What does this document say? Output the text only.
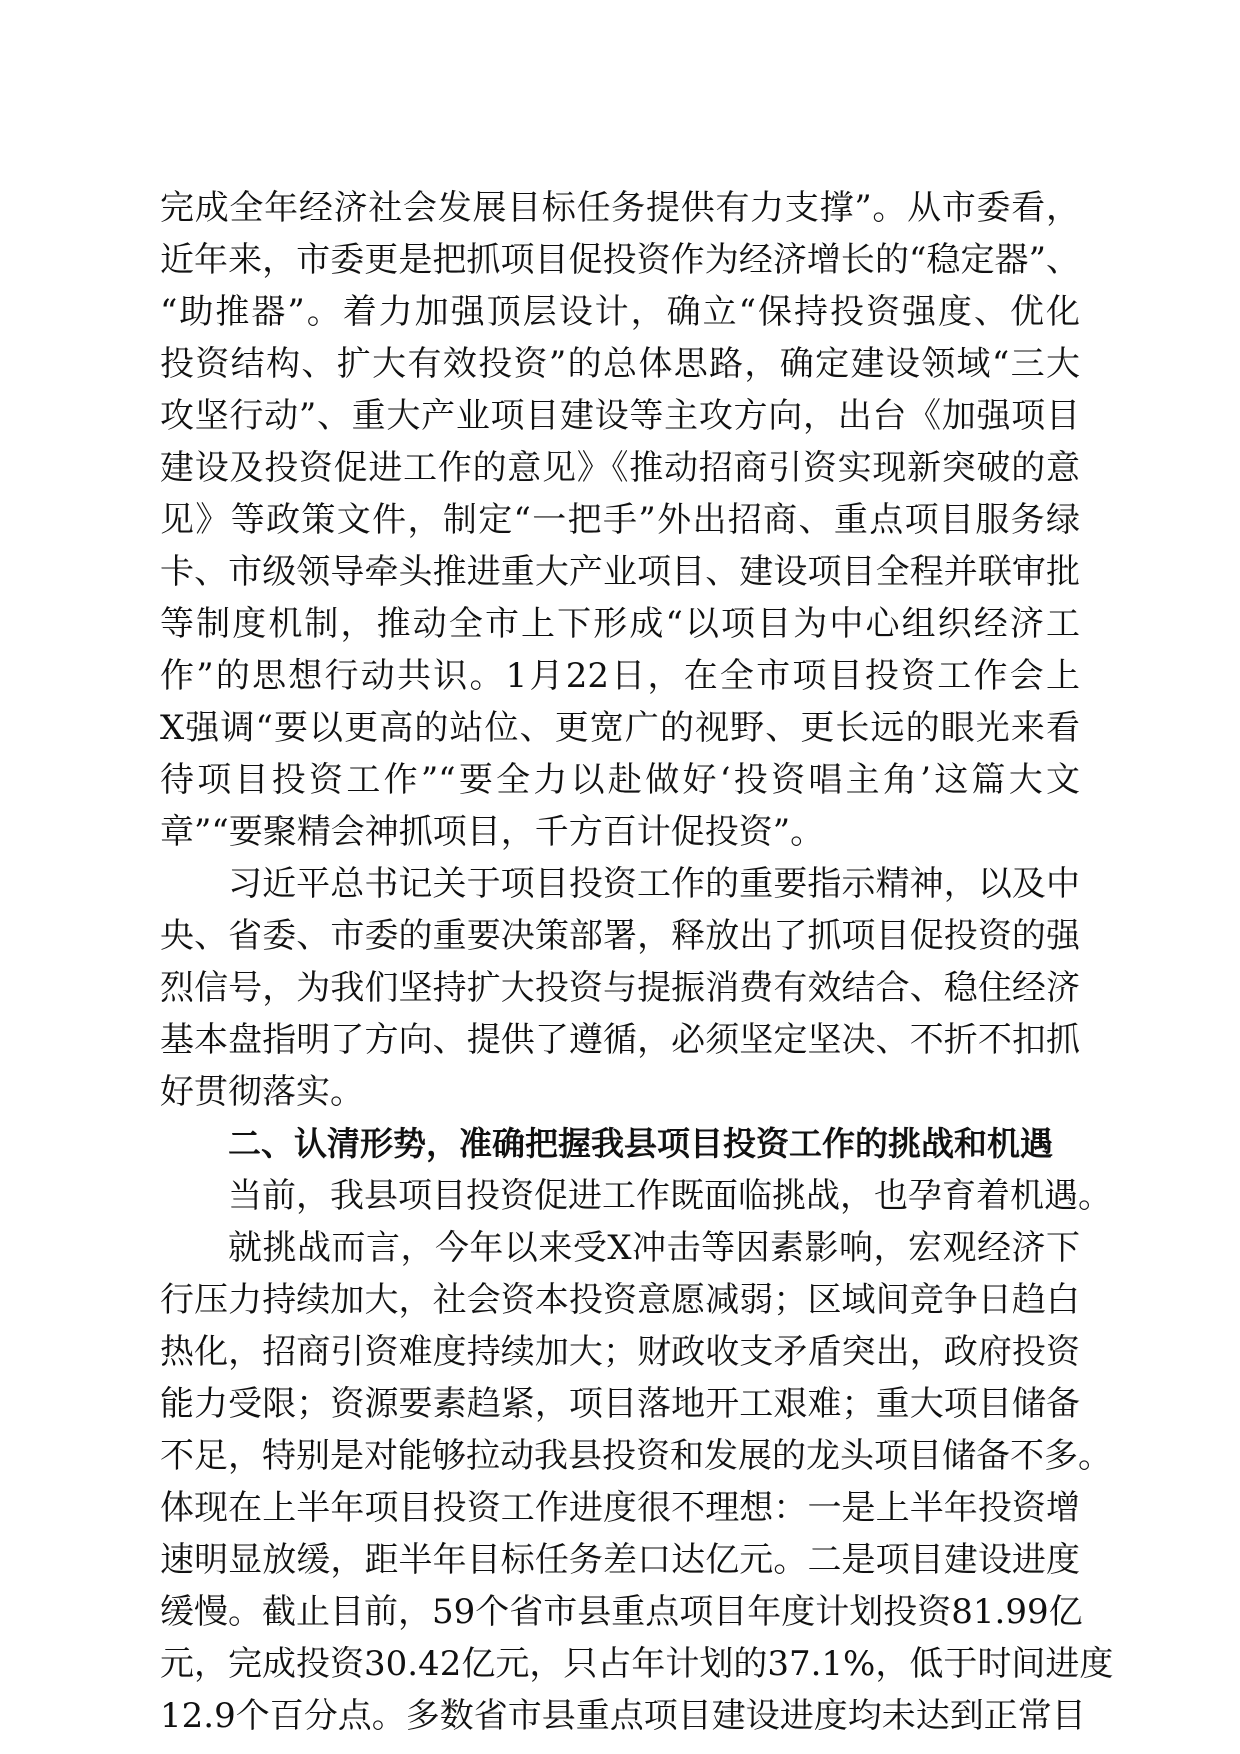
完成全年经济社会发展目标任务提供有力支撑”。从市委看，
近年来，市委更是把抓项目促投资作为经济增长的“稳定器”、
“助推器”。着力加强顶层设计，确立“保持投资强度、优化
投资结构、扩大有效投资”的总体思路，确定建设领域“三大
攻坚行动”、重大产业项目建设等主攻方向，出台《加强项目
建设及投资促进工作的意见》《推动招商引资实现新突破的意
见》等政策文件，制定“一把手”外出招商、重点项目服务绿
卡、市级领导牵头推进重大产业项目、建设项目全程并联审批
等制度机制，推动全市上下形成“以项目为中心组织经济工
作”的思想行动共识。1月22日，在全市项目投资工作会上
X强调“要以更高的站位、更宽广的视野、更长远的眼光来看
待项目投资工作”“要全力以赴做好‘投资唱主角’这篇大文
章”“要聚精会神抓项目，千方百计促投资”。
习近平总书记关于项目投资工作的重要指示精神，以及中
央、省委、市委的重要决策部署，释放出了抓项目促投资的强
烈信号，为我们坚持扩大投资与提振消费有效结合、稳住经济
基本盘指明了方向、提供了遵循，必须坚定坚决、不折不扣抓
好贯彻落实。
二、认清形势，准确把握我县项目投资工作的挑战和机遇
当前，我县项目投资促进工作既面临挑战，也孕育着机遇。
就挑战而言，今年以来受X冲击等因素影响，宏观经济下
行压力持续加大，社会资本投资意愿减弱；区域间竞争日趋白
热化，招商引资难度持续加大；财政收支矛盾突出，政府投资
能力受限；资源要素趋紧，项目落地开工艰难；重大项目储备
不足，特别是对能够拉动我县投资和发展的龙头项目储备不多。
体现在上半年项目投资工作进度很不理想：一是上半年投资增
速明显放缓，距半年目标任务差口达亿元。二是项目建设进度
缓慢。截止目前，59个省市县重点项目年度计划投资81.99亿
元，完成投资30.42亿元，只占年计划的37.1%，低于时间进度
12.9个百分点。多数省市县重点项目建设进度均未达到正常目
